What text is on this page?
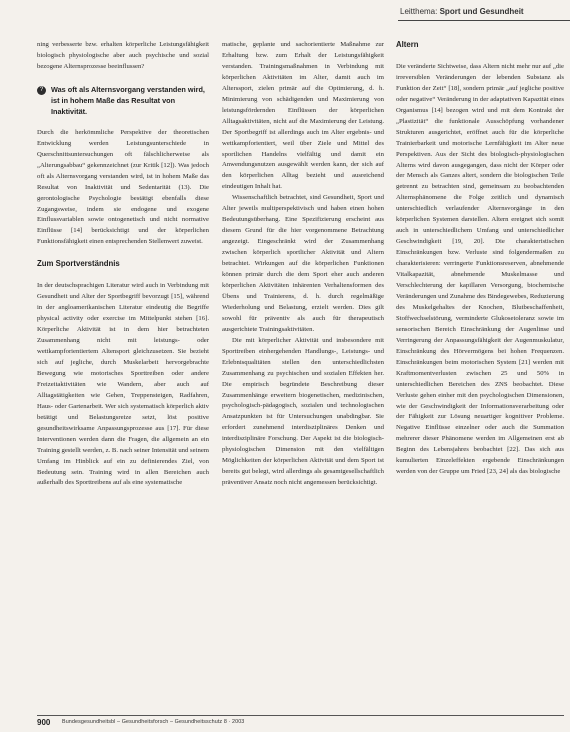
Leitthema: Sport und Gesundheit

ning verbesserte bzw. erhalten körperliche Leistungsfähigkeit biologisch physiologische aber auch psychische und sozial bezogene Alternsprozesse beeinflussen?

?	Was oft als Alternsvorgang verstanden wird, ist in hohem Maße das Resultat von Inaktivität.

Durch die herkömmliche Perspektive der theoretischen Entwicklung werden Leistungsunterschiede in Querschnittsuntersuchungen oft fälschlicherweise als „Alterungsabbau“ gekennzeichnet (zur Kritik [12]). Was jedoch oft als Alternsvorgang verstanden wird, ist in hohem Maße das Resultat von Inaktivität und Sedentarität (13). Die gerontologische Psychologie bestätigt ebenfalls diese Zugangsweise, indem sie endogene und exogene Einflussvariablen sowie ontogenetisch und nicht normative Einflüsse [14] berücksichtigt und der körperlichen Funktionsfähigkeit einen entsprechenden Stellenwert zuweist.

Zum Sportverständnis

In der deutschsprachigen Literatur wird auch in Verbindung mit Gesundheit und Alter der Sportbegriff bevorzugt [15], während in der angloamerikanischen Literatur eindeutig die Begriffe physical activity oder exercise im Mittelpunkt stehen [16]. Körperliche Aktivität ist in dem hier betrachteten Zusammenhang nicht mit leistungs- oder wettkampforientiertem Altensport gleichzusetzen. Sie bezieht sich auf jegliche, durch Muskelarbeit hervorgebrachte Bewegung wie motorisches Sporttreiben oder andere Freizeitaktivitäten wie Wandern, aber auch auf Alltagstätigkeiten wie Gehen, Treppensteigen, Radfahren, Haus- oder Gartenarbeit. Wer sich systematisch körperlich aktiv betätigt und Belastungsreize setzt, löst positive gesundheitswirksame Anpassungsprozesse aus [17]. Für diese Interventionen werden dann die Fragen, die allgemein an ein Training gestellt werden, z. B. nach seiner Intensität und seinem Umfang im Hinblick auf ein zu definierendes Ziel, von Bedeutung sein. Training wird in allen Bereichen auch außerhalb des Sporttreibens auf als eine systematische

matische, geplante und sachorientierte Maßnahme zur Erhaltung bzw. zum Erhalt der Leistungsfähigkeit verstanden. Trainingsmaßnahmen in Verbindung mit körperlichen Aktivitäten im Alter, damit auch im Alterssport, zielen primär auf die Optimierung, d. h. Minimierung von schädigenden und Maximierung von leistungsfördernden Einflüssen der körperlichen Alltagsaktivitäten, nicht auf die Maximierung der Leistung. Der Sportbegriff ist allerdings auch im Alter ergebnis- und wettkampforientiert, weil über Ziele und Mittel des sportlichen Handelns vielfältig und damit ein Anwendungsnutzen ausgewählt werden kann, der sich auf den körperlichen Alltag bezieht und ausreichend eindeutigen Inhalt hat.

Wissenschaftlich betrachtet, sind Gesundheit, Sport und Alter jeweils multiperspektivisch und haben einen hohen Bedeutungsüberhang. Eine Spezifizierung erscheint aus diesem Grund für die hier vorgenommene Betrachtung angezeigt. Eingeschränkt wird der Zusammenhang zwischen körperlich sportlicher Aktivität und Altern betrachtet. Wirkungen auf die körperlichen Funktionen können primär durch die dem Sport eher auch anderen körperlichen Aktivitäten inhärenten Verhaltensformen des Übens und Trainierens, d. h. durch regelmäßige Wiederholung und Belastung, erzielt werden. Dies gilt sowohl für präventiv als auch für therapeutisch ausgerichtete Trainingsaktivitäten.

Die mit körperlicher Aktivität und insbesondere mit Sporttreiben einhergehenden Handlungs-, Leistungs- und Erlebnisqualitäten stellen den unterschiedlichsten Zusammenhang zu psychischen und sozialen Effekten her. Die empirisch begründete Beschreibung dieser Zusammenhänge erweitern biogenetischen, medizinischen, psychologisch-pädagogisch, sozialen und technologischen Ansatzpunkten ist für Untersuchungen unabdingbar. Sie erfordert zunehmend interdisziplinäres Denken und interdisziplinäre Forschung. Der Aspekt ist die biologisch-physiologischen Dimension mit den vielfältigen Möglichkeiten der körperlichen Aktivität und dem Sport ist bereits gut belegt, wird allerdings als gesamtgesellschaftlich präventiver Ansatz noch nicht angemessen berücksichtigt.

Altern

Die veränderte Sichtweise, dass Altern nicht mehr nur auf „die irreversiblen Veränderungen der lebenden Substanz als Funktion der Zeit“ [18], sondern primär „auf jegliche positive oder negative“ Veränderung in der adaptativen Kapazität eines Organismus [14] bezogen wird und mit dem Kontrakt der „Plastizität“ die funktionale Ausschöpfung vorhandener Strukturen ausgerichtet, eröffnet auch für die körperliche Trainierbarkeit und motorische Lernfähigkeit im Alter neue Perspektiven. Aus der Sicht des biologisch-physiologischen Alterns wird davon ausgegangen, dass nicht der Körper oder der Mensch als Ganzes altert, sondern die biologischen Teile getrennt zu betrachten sind, gemeinsam zu beobachtenden Alternsphänomene die Folge zeitlich und dynamisch unterschiedlich verlaufender Alternsvorgänge in den körperlichen Systemen darstellen. Altern ereignet sich somit auch in unterschiedlichem Umfang und unterschiedlicher Geschwindigkeit [19, 20]. Die charakteristischen Einschränkungen bzw. Verluste sind folgendermaßen zu charakterisieren: verringerte Funktionsreserven, abnehmende Vitalkapazität, abnehmende Muskelmasse und Verschlechterung der kapillaren Versorgung, biochemische Veränderungen und Zunahme des Bindegewebes, Reduzierung des Muskelgehaltes der Knochen, Blutbeschaffenheit, Stoffwechselstörung, verminderte Glukosetoleranz sowie im sensorischen Bereich Einschränkung der Augenlinse und Verringerung der Anpassungsfähigkeit der Augenmuskulatur, Einschränkung des Hörvermögens bei hohen Frequenzen. Einschränkungen beim motorischen System [21] werden mit Kraftmomentverlusten zwischen 25 und 50% in unterschiedlichen Bereichen des ZNS beobachtet. Diese Verluste gehen einher mit den psychologischen Dimensionen, wie der Geschwindigkeit der Informationsverarbeitung oder der Fähigkeit zur Lösung neuartiger kognitiver Probleme. Negative Einflüsse einzelner oder auch die Summation mehrerer dieser Phänomene werden im Allgemeinen erst ab Beginn des Lebensjahres beobachtet [22]. Das sich aus kumulierten Einzeleffekten ergebende Einschränkungen werden von der Gruppe um Fried [23, 24] als das biologische

900 Bundesgesundheitsbl – Gesundheitsforsch – Gesundheitsschutz 8 · 2003
